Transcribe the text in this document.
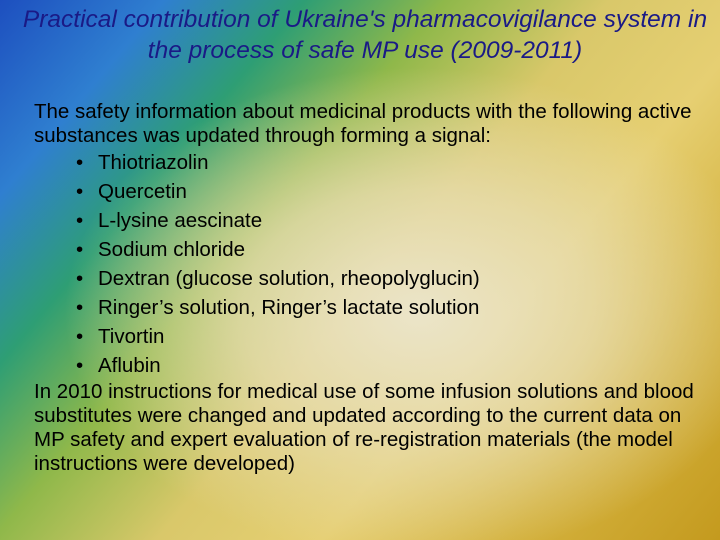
Practical contribution of Ukraine's pharmacovigilance system in the process of safe MP use (2009-2011)

The safety information about medicinal products with the following active substances was updated through forming a signal:

• Thiotriazolin
• Quercetin
• L-lysine aescinate
• Sodium chloride
• Dextran (glucose solution, rheopolyglucin)
• Ringer’s solution, Ringer’s lactate solution
• Tivortin
• Aflubin

In 2010 instructions for medical use of some infusion solutions and blood substitutes were changed and updated according to the current data on MP safety and expert evaluation of re-registration materials (the model instructions were developed)
